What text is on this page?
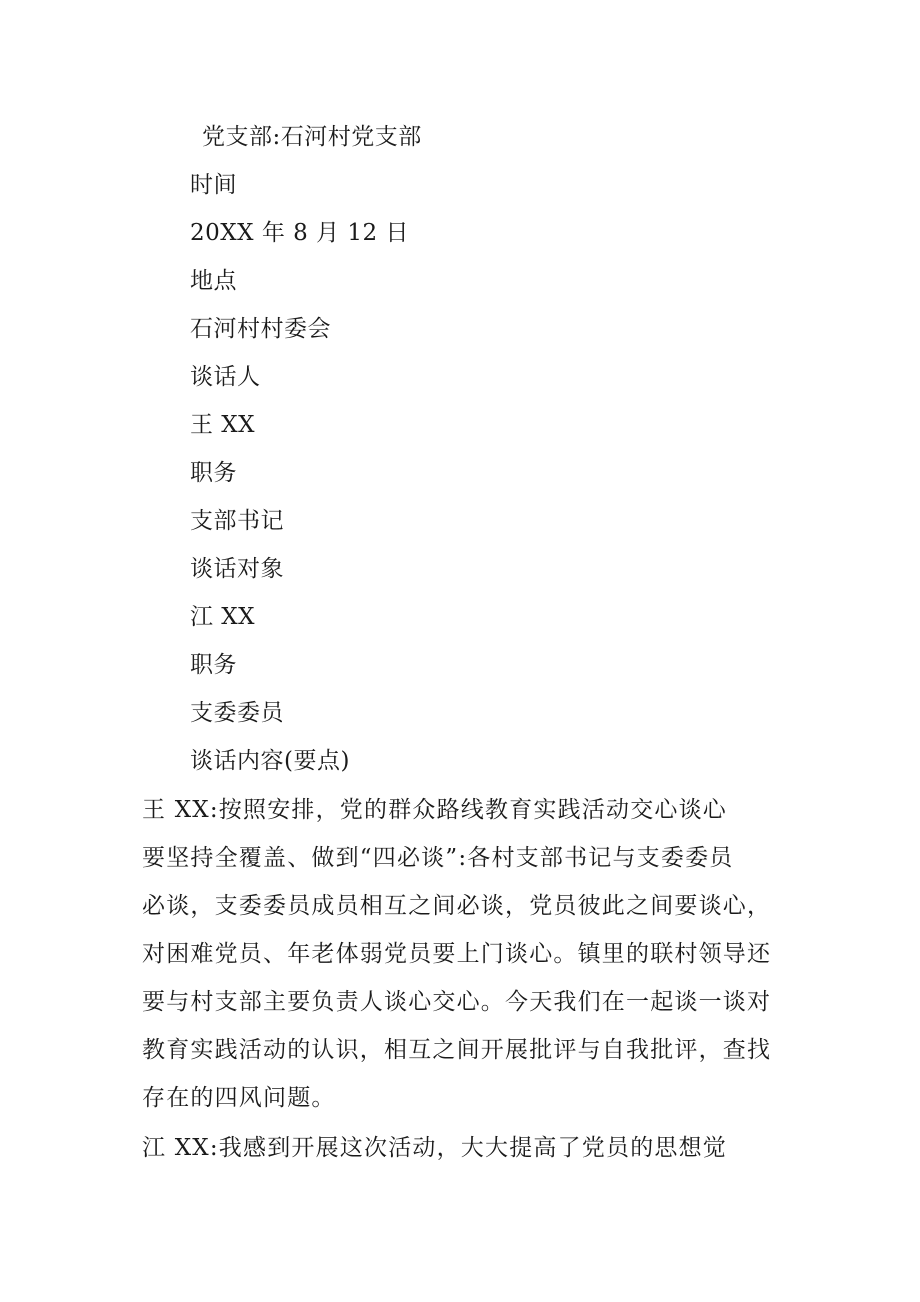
党支部:石河村党支部
时间
20XX 年 8 月 12 日
地点
石河村村委会
谈话人
王 XX
职务
支部书记
谈话对象
江 XX
职务
支委委员
谈话内容(要点)
王 XX:按照安排，党的群众路线教育实践活动交心谈心
要坚持全覆盖、做到“四必谈”:各村支部书记与支委委员
必谈，支委委员成员相互之间必谈，党员彼此之间要谈心，
对困难党员、年老体弱党员要上门谈心。镇里的联村领导还
要与村支部主要负责人谈心交心。今天我们在一起谈一谈对
教育实践活动的认识，相互之间开展批评与自我批评，查找
存在的四风问题。
江 XX:我感到开展这次活动，大大提高了党员的思想觉
